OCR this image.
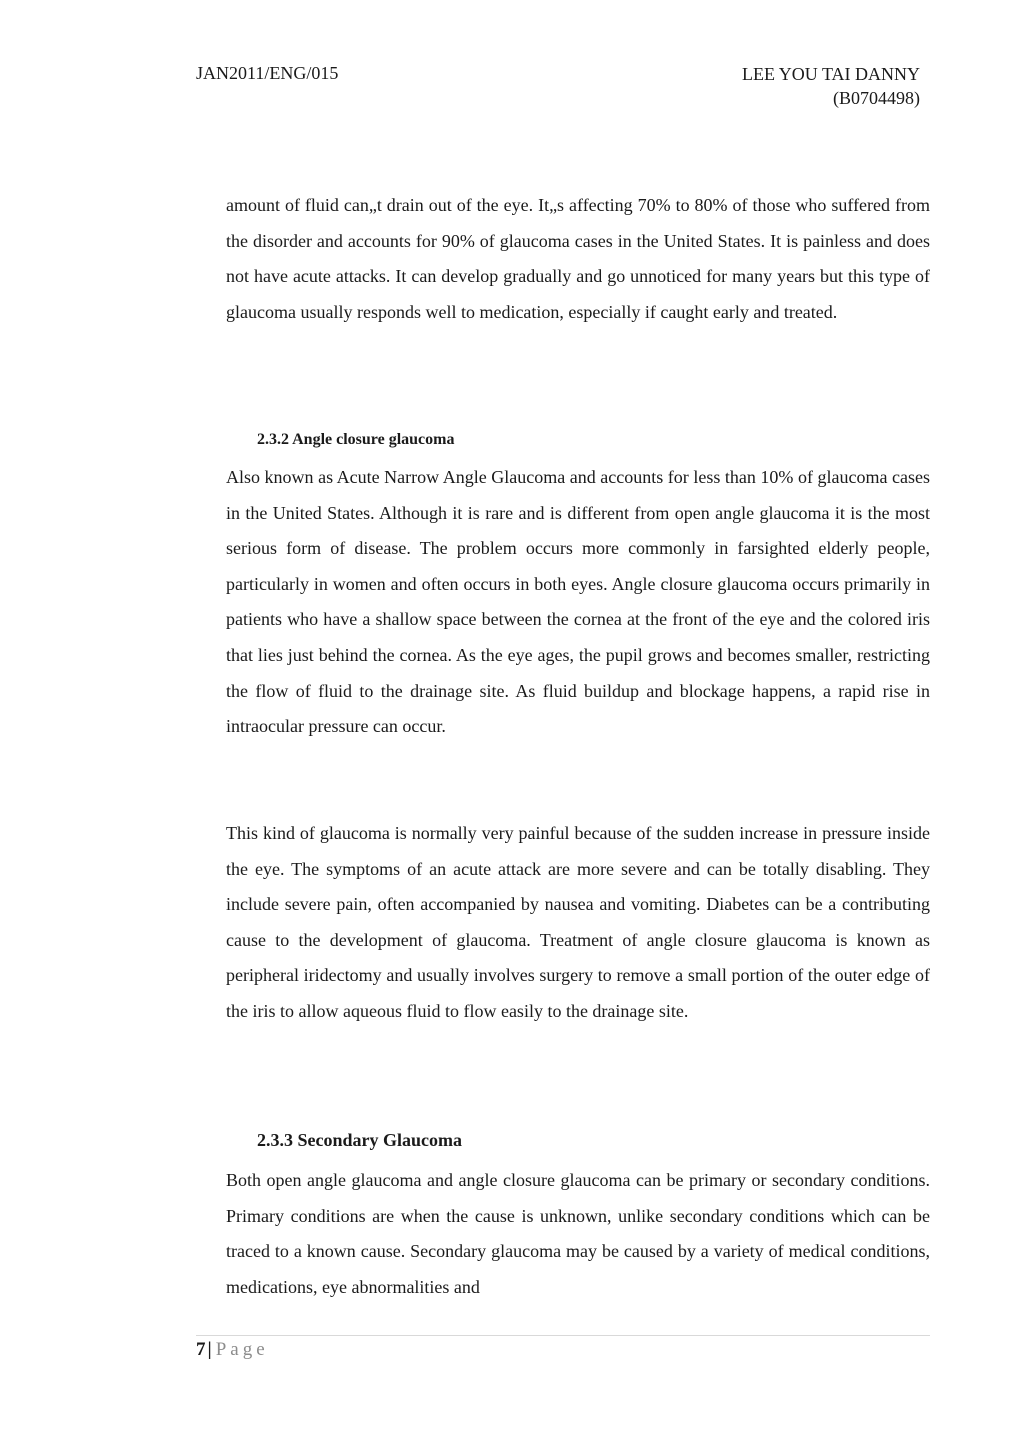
JAN2011/ENG/015	LEE YOU TAI DANNY
(B0704498)

amount of fluid can„t drain out of the eye. It„s affecting 70% to 80% of those who suffered from the disorder and accounts for 90% of glaucoma cases in the United States. It is painless and does not have acute attacks. It can develop gradually and go unnoticed for many years but this type of glaucoma usually responds well to medication, especially if caught early and treated.

2.3.2 Angle closure glaucoma

Also known as Acute Narrow Angle Glaucoma and accounts for less than 10% of glaucoma cases in the United States. Although it is rare and is different from open angle glaucoma it is the most serious form of disease. The problem occurs more commonly in farsighted elderly people, particularly in women and often occurs in both eyes. Angle closure glaucoma occurs primarily in patients who have a shallow space between the cornea at the front of the eye and the colored iris that lies just behind the cornea. As the eye ages, the pupil grows and becomes smaller, restricting the flow of fluid to the drainage site. As fluid buildup and blockage happens, a rapid rise in intraocular pressure can occur.

This kind of glaucoma is normally very painful because of the sudden increase in pressure inside the eye. The symptoms of an acute attack are more severe and can be totally disabling. They include severe pain, often accompanied by nausea and vomiting. Diabetes can be a contributing cause to the development of glaucoma. Treatment of angle closure glaucoma is known as peripheral iridectomy and usually involves surgery to remove a small portion of the outer edge of the iris to allow aqueous fluid to flow easily to the drainage site.

2.3.3 Secondary Glaucoma

Both open angle glaucoma and angle closure glaucoma can be primary or secondary conditions. Primary conditions are when the cause is unknown, unlike secondary conditions which can be traced to a known cause. Secondary glaucoma may be caused by a variety of medical conditions, medications, eye abnormalities and

7 | Page
